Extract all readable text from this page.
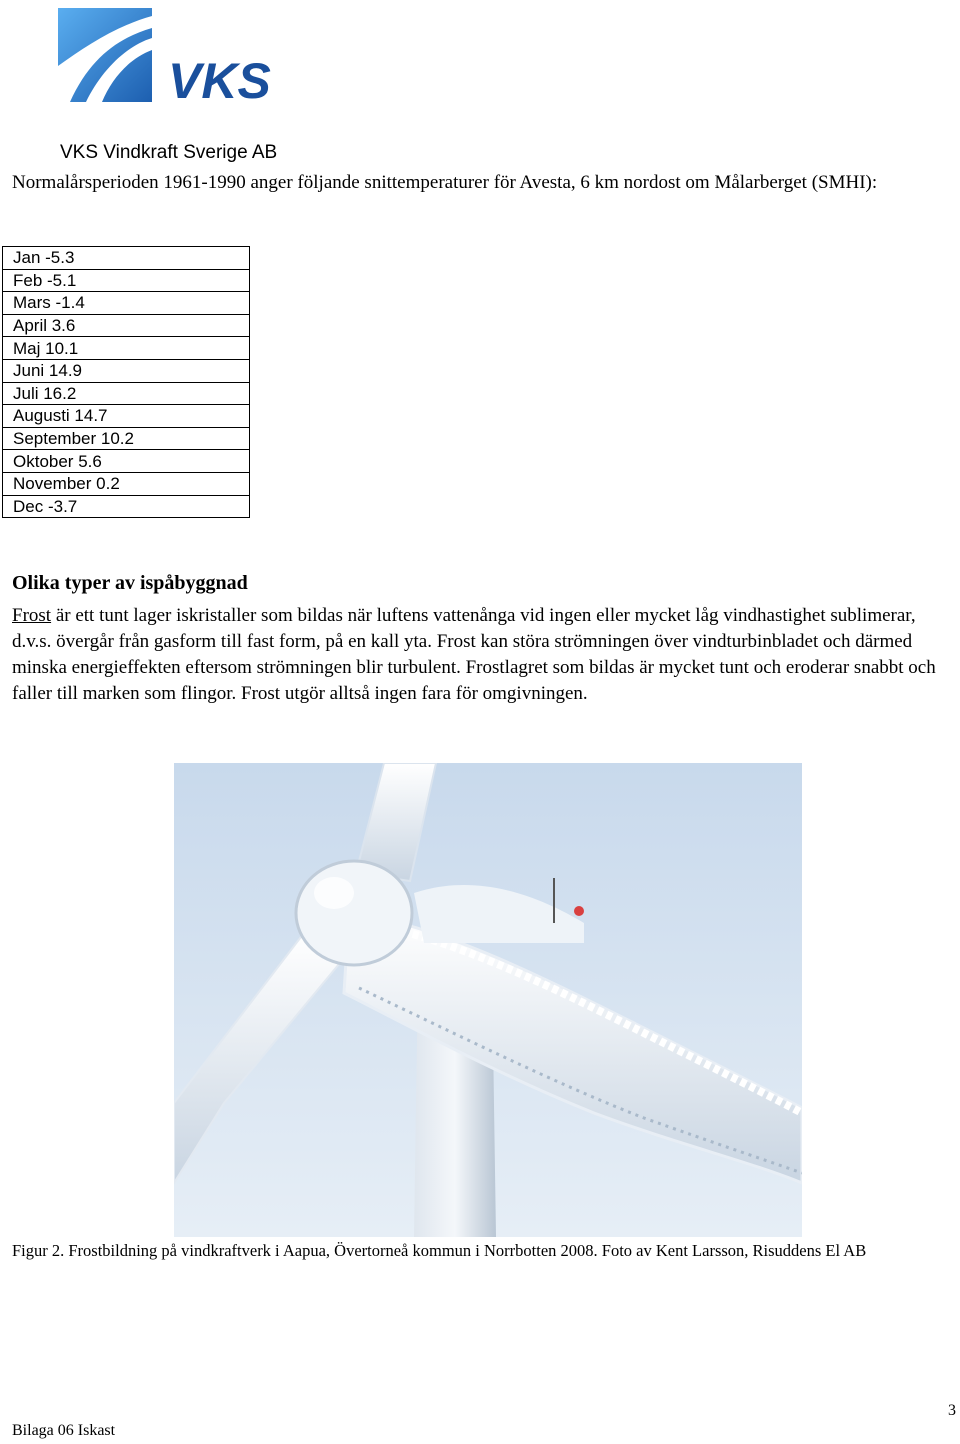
VKS
VKS Vindkraft Sverige AB
Normalårsperioden 1961-1990 anger följande snittemperaturer för Avesta, 6 km nordost om Målarberget (SMHI):
Jan -5.3
Feb -5.1
Mars -1.4
April 3.6
Maj 10.1
Juni 14.9
Juli 16.2
Augusti 14.7
September 10.2
Oktober 5.6
November 0.2
Dec -3.7
Olika typer av ispåbyggnad
Frost är ett tunt lager iskristaller som bildas när luftens vattenånga vid ingen eller mycket låg vindhastighet sublimerar, d.v.s. övergår från gasform till fast form, på en kall yta. Frost kan störa strömningen över vindturbinbladet och därmed minska energieffekten eftersom strömningen blir turbulent. Frostlagret som bildas är mycket tunt och eroderar snabbt och faller till marken som flingor. Frost utgör alltså ingen fara för omgivningen.
Figur 2. Frostbildning på vindkraftverk i Aapua, Övertorneå kommun i Norrbotten 2008. Foto av Kent Larsson, Risuddens El AB
Bilaga 06 Iskast
3
